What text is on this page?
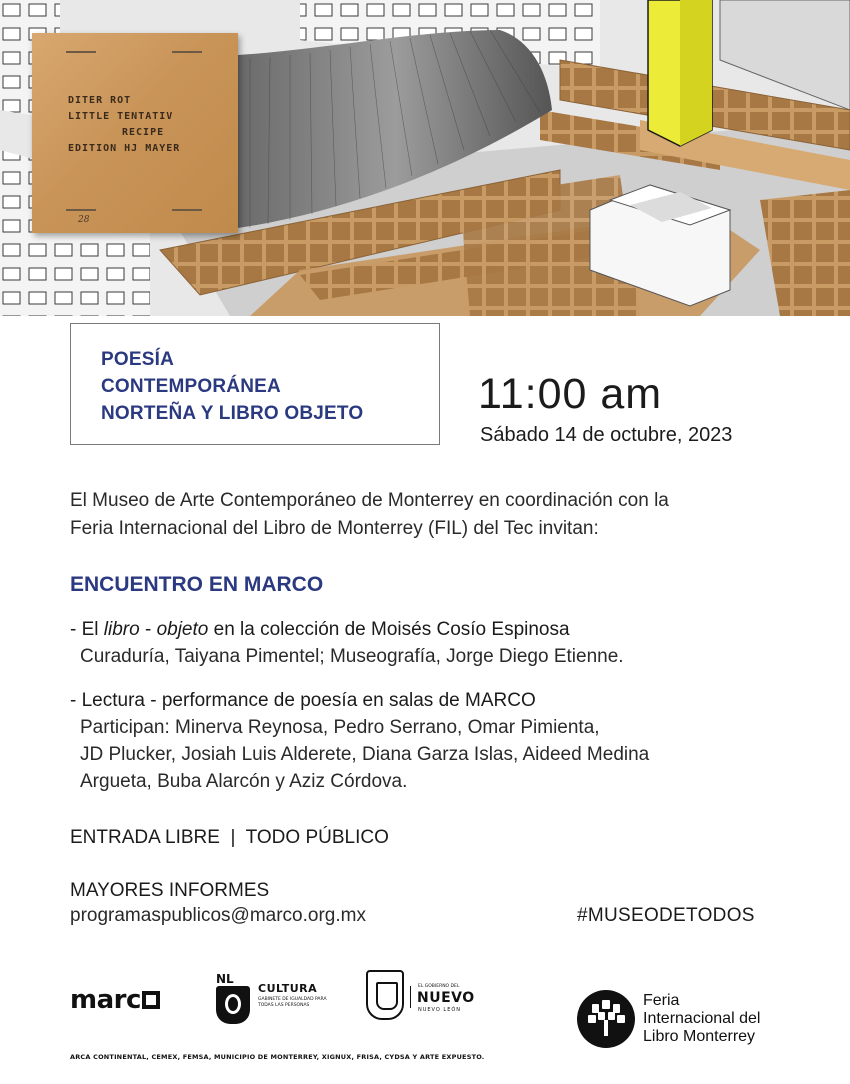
DITER ROT
LITTLE TENTATIV
RECIPE
EDITION HJ MAYER
28
POESÍA
CONTEMPORÁNEA
NORTEÑA Y LIBRO OBJETO	11:00 am
Sábado 14 de octubre, 2023
El Museo de Arte Contemporáneo de Monterrey en coordinación con la
Feria Internacional del Libro de Monterrey (FIL) del Tec invitan:
ENCUENTRO EN MARCO
- El libro - objeto en la colección de Moisés Cosío Espinosa
Curaduría, Taiyana Pimentel; Museografía, Jorge Diego Etienne.
- Lectura - performance de poesía en salas de MARCO
Participan: Minerva Reynosa, Pedro Serrano, Omar Pimienta,
JD Plucker, Josiah Luis Alderete, Diana Garza Islas, Aideed Medina
Argueta, Buba Alarcón y Aziz Córdova.
ENTRADA LIBRE  |  TODO PÚBLICO
MAYORES INFORMES
programaspublicos@marco.org.mx	#MUSEODETODOS
marc
NL
CULTURA
GABINETE DE IGUALDAD PARA TODAS LAS PERSONAS
EL GOBIERNO DEL
NUEVO
NUEVO LEÓN
Feria
Internacional del
Libro Monterrey
ARCA CONTINENTAL, CEMEX, FEMSA, MUNICIPIO DE MONTERREY, XIGNUX, FRISA, CYDSA Y ARTE EXPUESTO.
